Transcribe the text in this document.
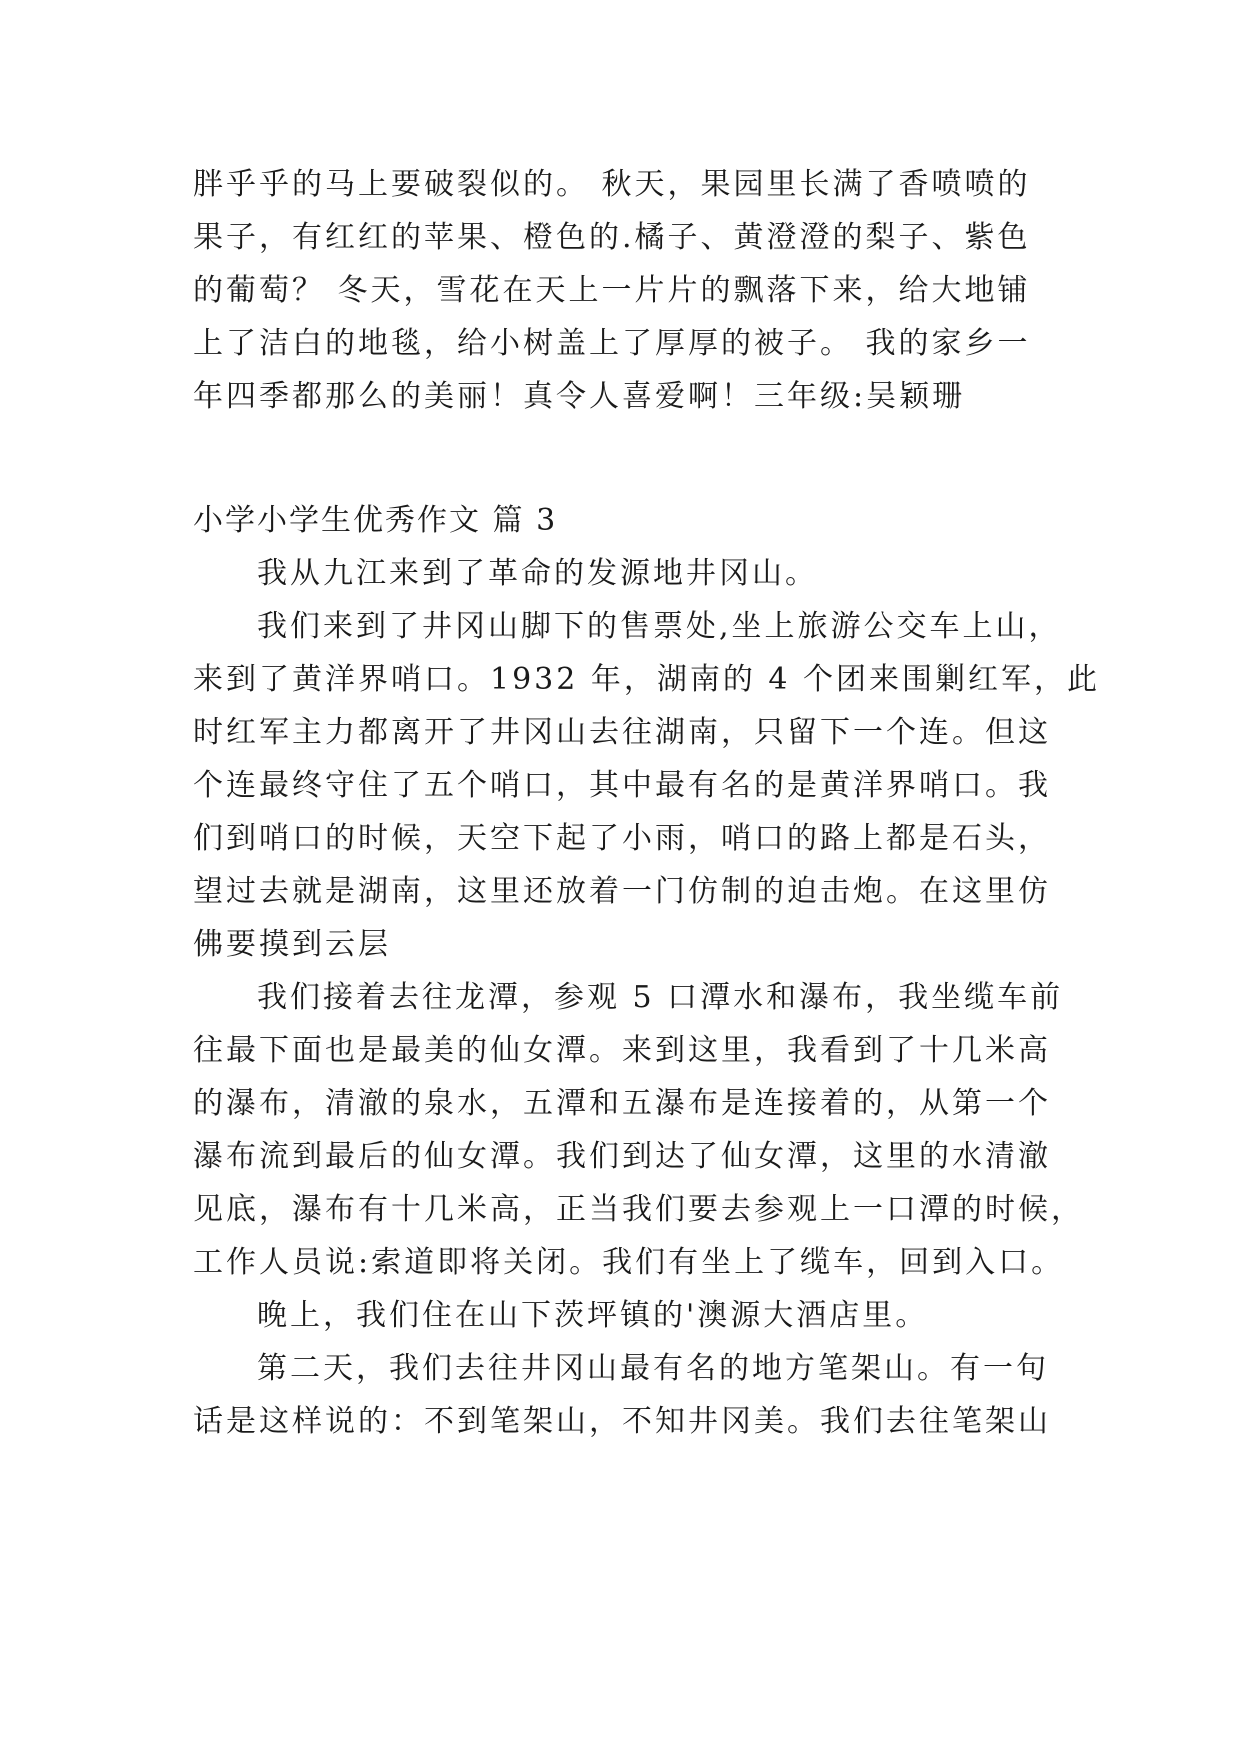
胖乎乎的马上要破裂似的。 秋天，果园里长满了香喷喷的
果子，有红红的苹果、橙色的.橘子、黄澄澄的梨子、紫色
的葡萄？ 冬天，雪花在天上一片片的飘落下来，给大地铺
上了洁白的地毯，给小树盖上了厚厚的被子。 我的家乡一
年四季都那么的美丽！真令人喜爱啊！三年级:吴颖珊
小学小学生优秀作文 篇 3
我从九江来到了革命的发源地井冈山。
我们来到了井冈山脚下的售票处,坐上旅游公交车上山，
来到了黄洋界哨口。1932 年，湖南的 4 个团来围剿红军，此
时红军主力都离开了井冈山去往湖南，只留下一个连。但这
个连最终守住了五个哨口，其中最有名的是黄洋界哨口。我
们到哨口的时候，天空下起了小雨，哨口的路上都是石头，
望过去就是湖南，这里还放着一门仿制的迫击炮。在这里仿
佛要摸到云层
我们接着去往龙潭，参观 5 口潭水和瀑布，我坐缆车前
往最下面也是最美的仙女潭。来到这里，我看到了十几米高
的瀑布，清澈的泉水，五潭和五瀑布是连接着的，从第一个
瀑布流到最后的仙女潭。我们到达了仙女潭，这里的水清澈
见底，瀑布有十几米高，正当我们要去参观上一口潭的时候，
工作人员说:索道即将关闭。我们有坐上了缆车，回到入口。
晚上，我们住在山下茨坪镇的'澳源大酒店里。
第二天，我们去往井冈山最有名的地方笔架山。有一句
话是这样说的：不到笔架山，不知井冈美。我们去往笔架山
